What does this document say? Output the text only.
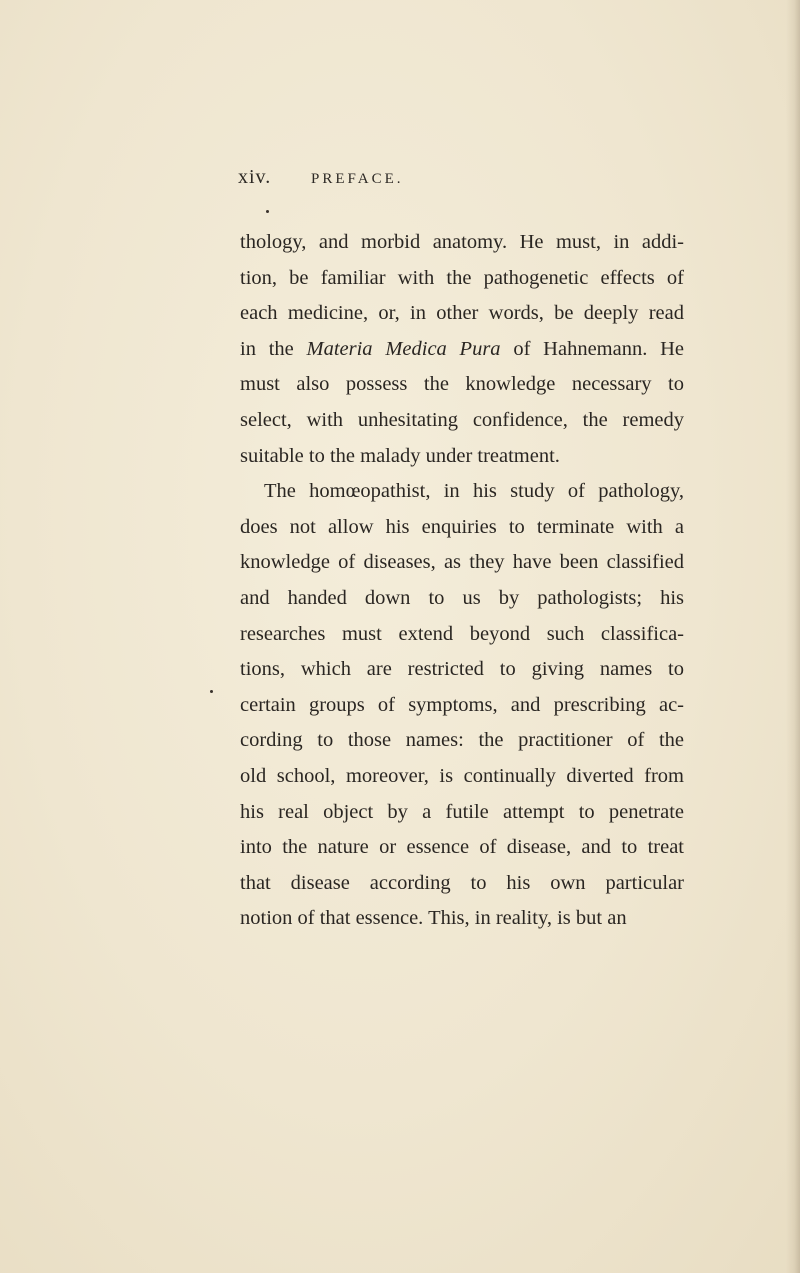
xiv.	PREFACE.
thology, and morbid anatomy. He must, in addi-
tion, be familiar with the pathogenetic effects of
each medicine, or, in other words, be deeply read
in the Materia Medica Pura of Hahnemann. He
must also possess the knowledge necessary to
select, with unhesitating confidence, the remedy
suitable to the malady under treatment.
The homœopathist, in his study of pathology,
does not allow his enquiries to terminate with a
knowledge of diseases, as they have been classified
and handed down to us by pathologists; his
researches must extend beyond such classifica-
tions, which are restricted to giving names to
certain groups of symptoms, and prescribing ac-
cording to those names: the practitioner of the
old school, moreover, is continually diverted from
his real object by a futile attempt to penetrate
into the nature or essence of disease, and to treat
that disease according to his own particular
notion of that essence. This, in reality, is but an
